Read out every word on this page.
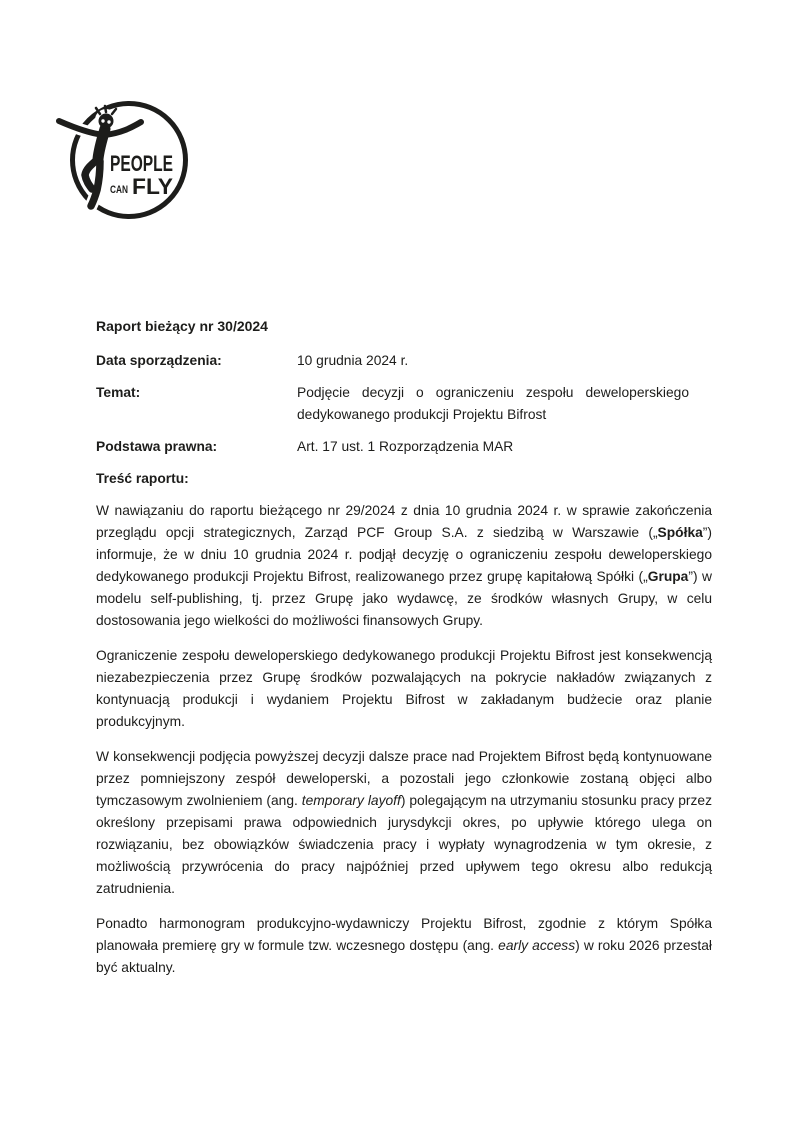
PEOPLE
CAN FLY
Raport bieżący nr 30/2024
Data sporządzenia:	10 grudnia 2024 r.
Temat:	Podjęcie decyzji o ograniczeniu zespołu deweloperskiego dedykowanego produkcji Projektu Bifrost
Podstawa prawna:	Art. 17 ust. 1 Rozporządzenia MAR
Treść raportu:

W nawiązaniu do raportu bieżącego nr 29/2024 z dnia 10 grudnia 2024 r. w sprawie zakończenia przeglądu opcji strategicznych, Zarząd PCF Group S.A. z siedzibą w Warszawie („Spółka”) informuje, że w dniu 10 grudnia 2024 r. podjął decyzję o ograniczeniu zespołu deweloperskiego dedykowanego produkcji Projektu Bifrost, realizowanego przez grupę kapitałową Spółki („Grupa”) w modelu self-publishing, tj. przez Grupę jako wydawcę, ze środków własnych Grupy, w celu dostosowania jego wielkości do możliwości finansowych Grupy.

Ograniczenie zespołu deweloperskiego dedykowanego produkcji Projektu Bifrost jest konsekwencją niezabezpieczenia przez Grupę środków pozwalających na pokrycie nakładów związanych z kontynuacją produkcji i wydaniem Projektu Bifrost w zakładanym budżecie oraz planie produkcyjnym.

W konsekwencji podjęcia powyższej decyzji dalsze prace nad Projektem Bifrost będą kontynuowane przez pomniejszony zespół deweloperski, a pozostali jego członkowie zostaną objęci albo tymczasowym zwolnieniem (ang. temporary layoff) polegającym na utrzymaniu stosunku pracy przez określony przepisami prawa odpowiednich jurysdykcji okres, po upływie którego ulega on rozwiązaniu, bez obowiązków świadczenia pracy i wypłaty wynagrodzenia w tym okresie, z możliwością przywrócenia do pracy najpóźniej przed upływem tego okresu albo redukcją zatrudnienia.

Ponadto harmonogram produkcyjno-wydawniczy Projektu Bifrost, zgodnie z którym Spółka planowała premierę gry w formule tzw. wczesnego dostępu (ang. early access) w roku 2026 przestał być aktualny.
